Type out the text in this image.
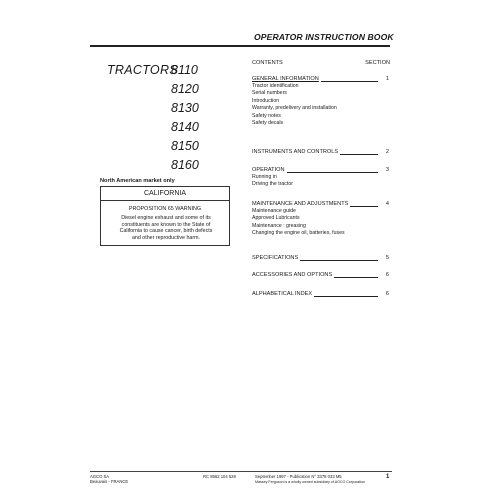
OPERATOR INSTRUCTION BOOK
TRACTORS
8110
8120
8130
8140
8150
8160
North American market only
CALIFORNIA
PROPOSITION 65 WARNING
Diesel engine exhaust and some of its
constituents are known to the State of
California to cause cancer, birth defects
and other reproductive harm.
CONTENTS	SECTION
GENERAL INFORMATION	1
Tractor identification
Serial numbers
Introduction
Warranty, predelivery and installation
Safety notes
Safety decals
INSTRUMENTS AND CONTROLS	2
OPERATION	3
Running in
Driving the tractor
MAINTENANCE AND ADJUSTMENTS	4
Maintenance guide
Approved Lubricants
Maintenance : greasing
Changing the engine oil, batteries, fuses
SPECIFICATIONS	5
ACCESSORIES AND OPTIONS	6
ALPHABETICAL INDEX	6
AGCO SA
Beauvais - FRANCE
RC 8562 104 528	September 1997 - Publication N° 3378 033 M5
Massey Ferguson is a wholly owned subsidiary of AGCO Corporation
1
